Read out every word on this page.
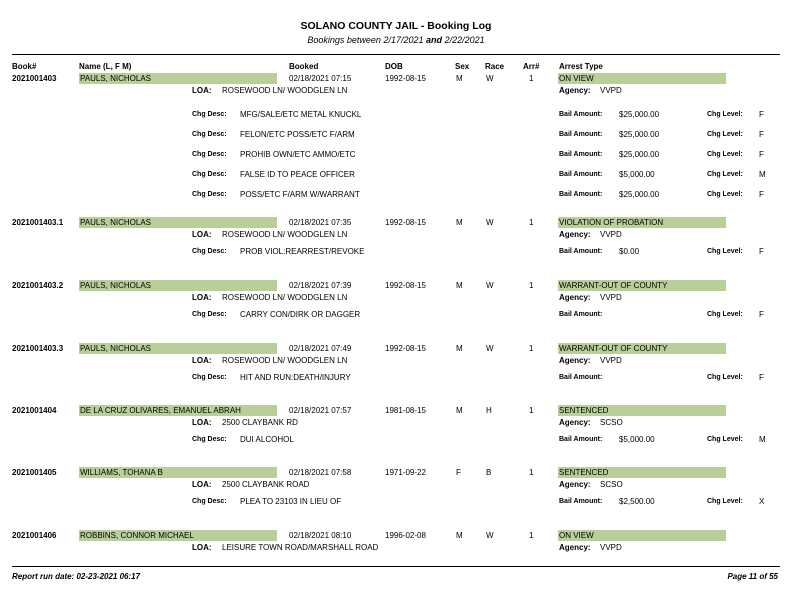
SOLANO COUNTY JAIL - Booking Log
Bookings between 2/17/2021 and 2/22/2021
Book#	Name (L, F M)	Booked	DOB	Sex Race Arr# Arrest Type
2021001403	PAULS, NICHOLAS	02/18/2021 07:15	1992-08-15	M	W	1	ON VIEW
LOA: ROSEWOOD LN/ WOODGLEN LN	Agency: VVPD
Chg Desc: MFG/SALE/ETC METAL KNUCKL	Bail Amount: $25,000.00	Chg Level: F
Chg Desc: FELON/ETC POSS/ETC F/ARM	Bail Amount: $25,000.00	Chg Level: F
Chg Desc: PROHIB OWN/ETC AMMO/ETC	Bail Amount: $25,000.00	Chg Level: F
Chg Desc: FALSE ID TO PEACE OFFICER	Bail Amount: $5,000.00	Chg Level: M
Chg Desc: POSS/ETC F/ARM W/WARRANT	Bail Amount: $25,000.00	Chg Level: F
2021001403.1 PAULS, NICHOLAS	02/18/2021 07:35	1992-08-15	M	W	1	VIOLATION OF PROBATION
LOA: ROSEWOOD LN/ WOODGLEN LN	Agency: VVPD
Chg Desc: PROB VIOL:REARREST/REVOKE	Bail Amount: $0.00	Chg Level: F
2021001403.2 PAULS, NICHOLAS	02/18/2021 07:39	1992-08-15	M	W	1	WARRANT-OUT OF COUNTY
LOA: ROSEWOOD LN/ WOODGLEN LN	Agency: VVPD
Chg Desc: CARRY CON/DIRK OR DAGGER	Bail Amount:	Chg Level: F
2021001403.3 PAULS, NICHOLAS	02/18/2021 07:49	1992-08-15	M	W	1	WARRANT-OUT OF COUNTY
LOA: ROSEWOOD LN/ WOODGLEN LN	Agency: VVPD
Chg Desc: HIT AND RUN:DEATH/INJURY	Bail Amount:	Chg Level: F
2021001404	DE LA CRUZ OLIVARES, EMANUEL ABRAH	02/18/2021 07:57	1981-08-15	M	H	1	SENTENCED
LOA: 2500 CLAYBANK RD	Agency: SCSO
Chg Desc: DUI ALCOHOL	Bail Amount: $5,000.00	Chg Level: M
2021001405	WILLIAMS, TOHANA B	02/18/2021 07:58	1971-09-22	F	B	1	SENTENCED
LOA: 2500 CLAYBANK ROAD	Agency: SCSO
Chg Desc: PLEA TO 23103 IN LIEU OF	Bail Amount: $2,500.00	Chg Level: X
2021001406	ROBBINS, CONNOR MICHAEL	02/18/2021 08:10	1996-02-08	M	W	1	ON VIEW
LOA: LEISURE TOWN ROAD/MARSHALL ROAD	Agency: VVPD
Report run date: 02-23-2021 06:17	Page 11 of 55
